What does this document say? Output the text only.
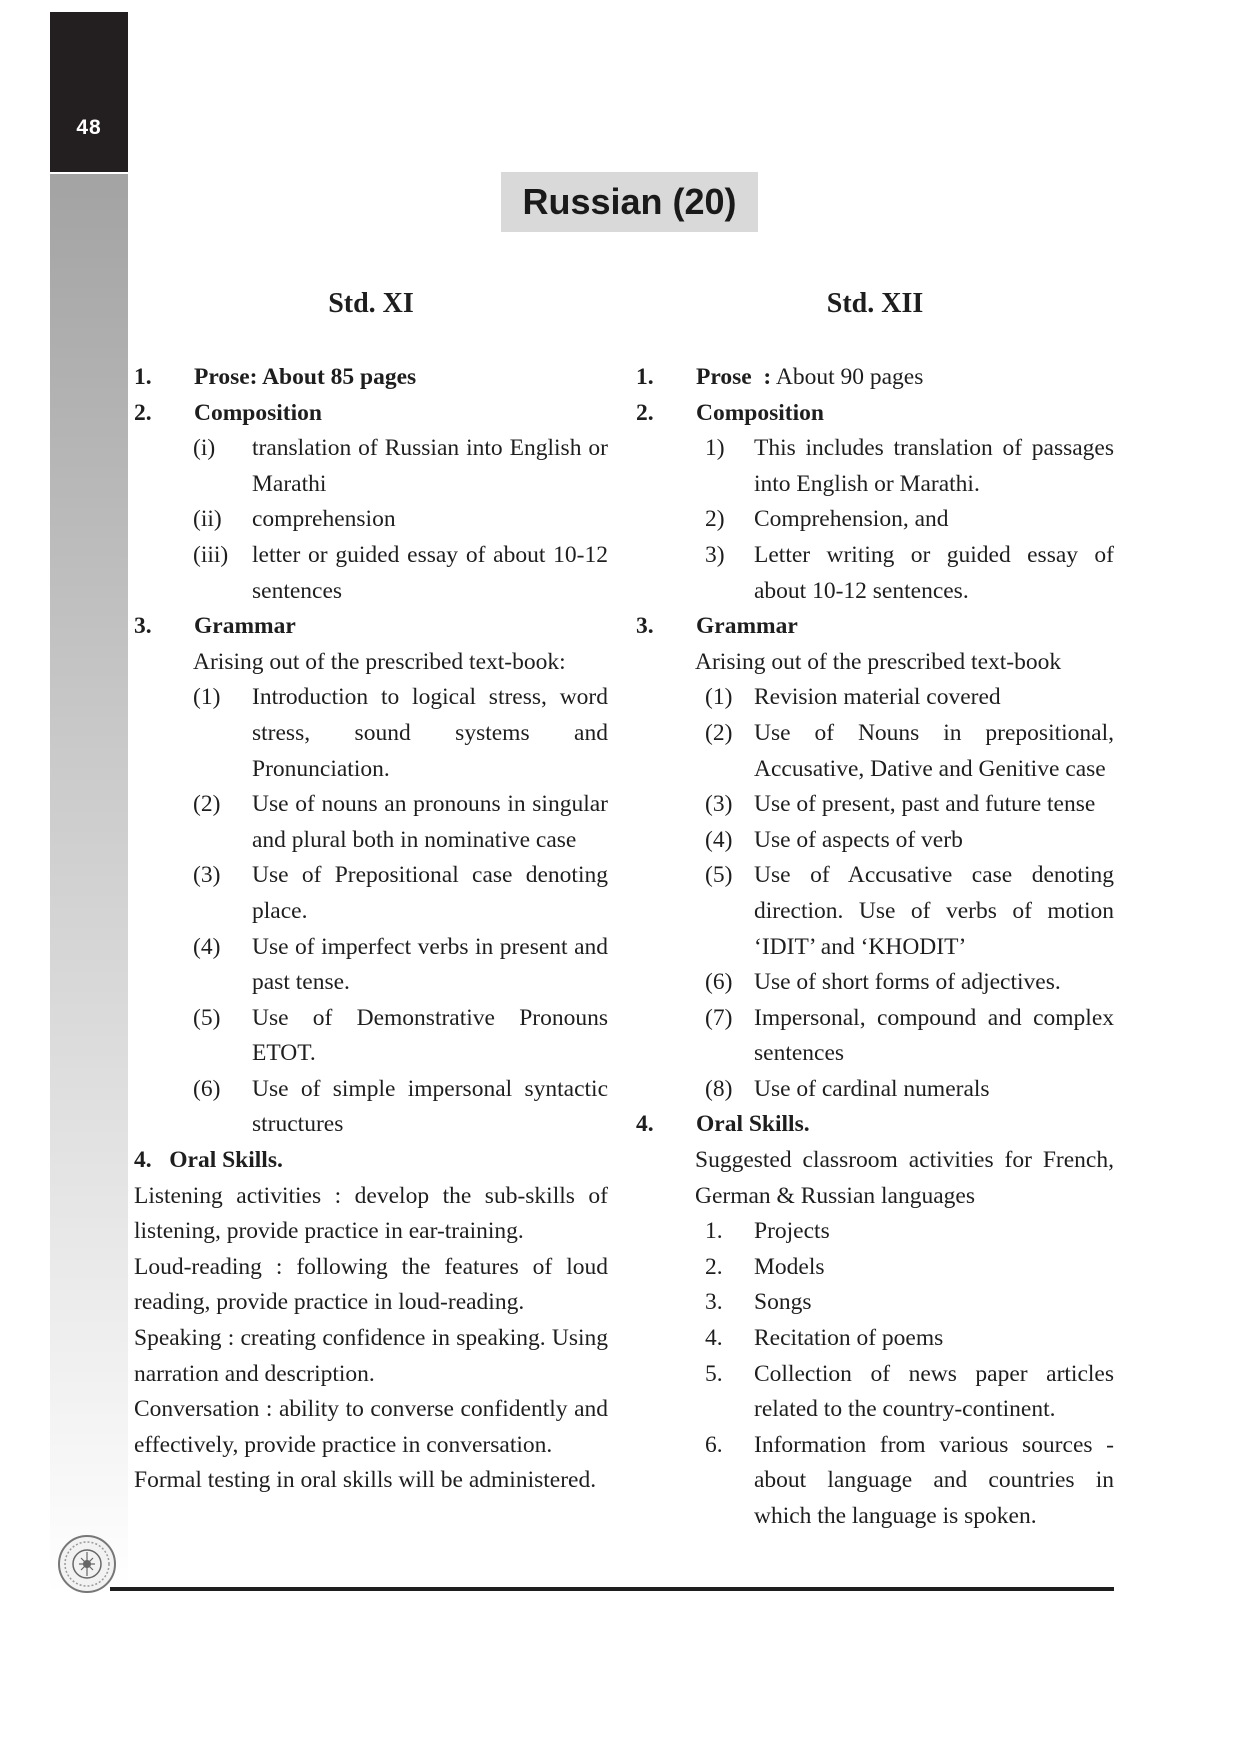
48
Russian (20)
Std. XI	Std. XII
1.	Prose: About 85 pages
2.	Composition
(i)	translation of Russian into English or Marathi
(ii)	comprehension
(iii)	letter or guided essay of about 10-12 sentences
3.	Grammar
Arising out of the prescribed text-book:
(1)	Introduction to logical stress, word stress, sound systems and Pronunciation.
(2)	Use of nouns an pronouns in singular and plural both in nominative case
(3)	Use of Prepositional case denoting place.
(4)	Use of imperfect verbs in present and past tense.
(5)	Use of Demonstrative Pronouns ETOT.
(6)	Use of simple impersonal syntactic structures
4.   Oral Skills.
Listening activities : develop the sub-skills of listening, provide practice in ear-training.
Loud-reading : following the features of loud reading, provide practice in loud-reading.
Speaking : creating confidence in speaking. Using narration and description.
Conversation : ability to converse confidently and effectively, provide practice in conversation.
Formal testing in oral skills will be administered.
1.	Prose  : About 90 pages
2.	Composition
1)	This includes translation of passages into English or Marathi.
2)	Comprehension, and
3)	Letter writing or guided essay of about 10-12 sentences.
3.	Grammar
Arising out of the prescribed text-book
(1) Revision material covered
(2) Use of Nouns in prepositional, Accusative, Dative and Genitive case
(3) Use of present, past and future tense
(4) Use of aspects of verb
(5) Use of Accusative case denoting direction. Use of verbs of motion ‘IDIT’ and ‘KHODIT’
(6) Use of short forms of adjectives.
(7) Impersonal, compound and complex sentences
(8) Use of cardinal numerals
4.	Oral Skills.
Suggested classroom activities for French, German & Russian languages
1.	Projects
2.	Models
3.	Songs
4.	Recitation of poems
5.	Collection of news paper articles related to the country-continent.
6.	Information from various sources - about language and countries in which the language is spoken.
